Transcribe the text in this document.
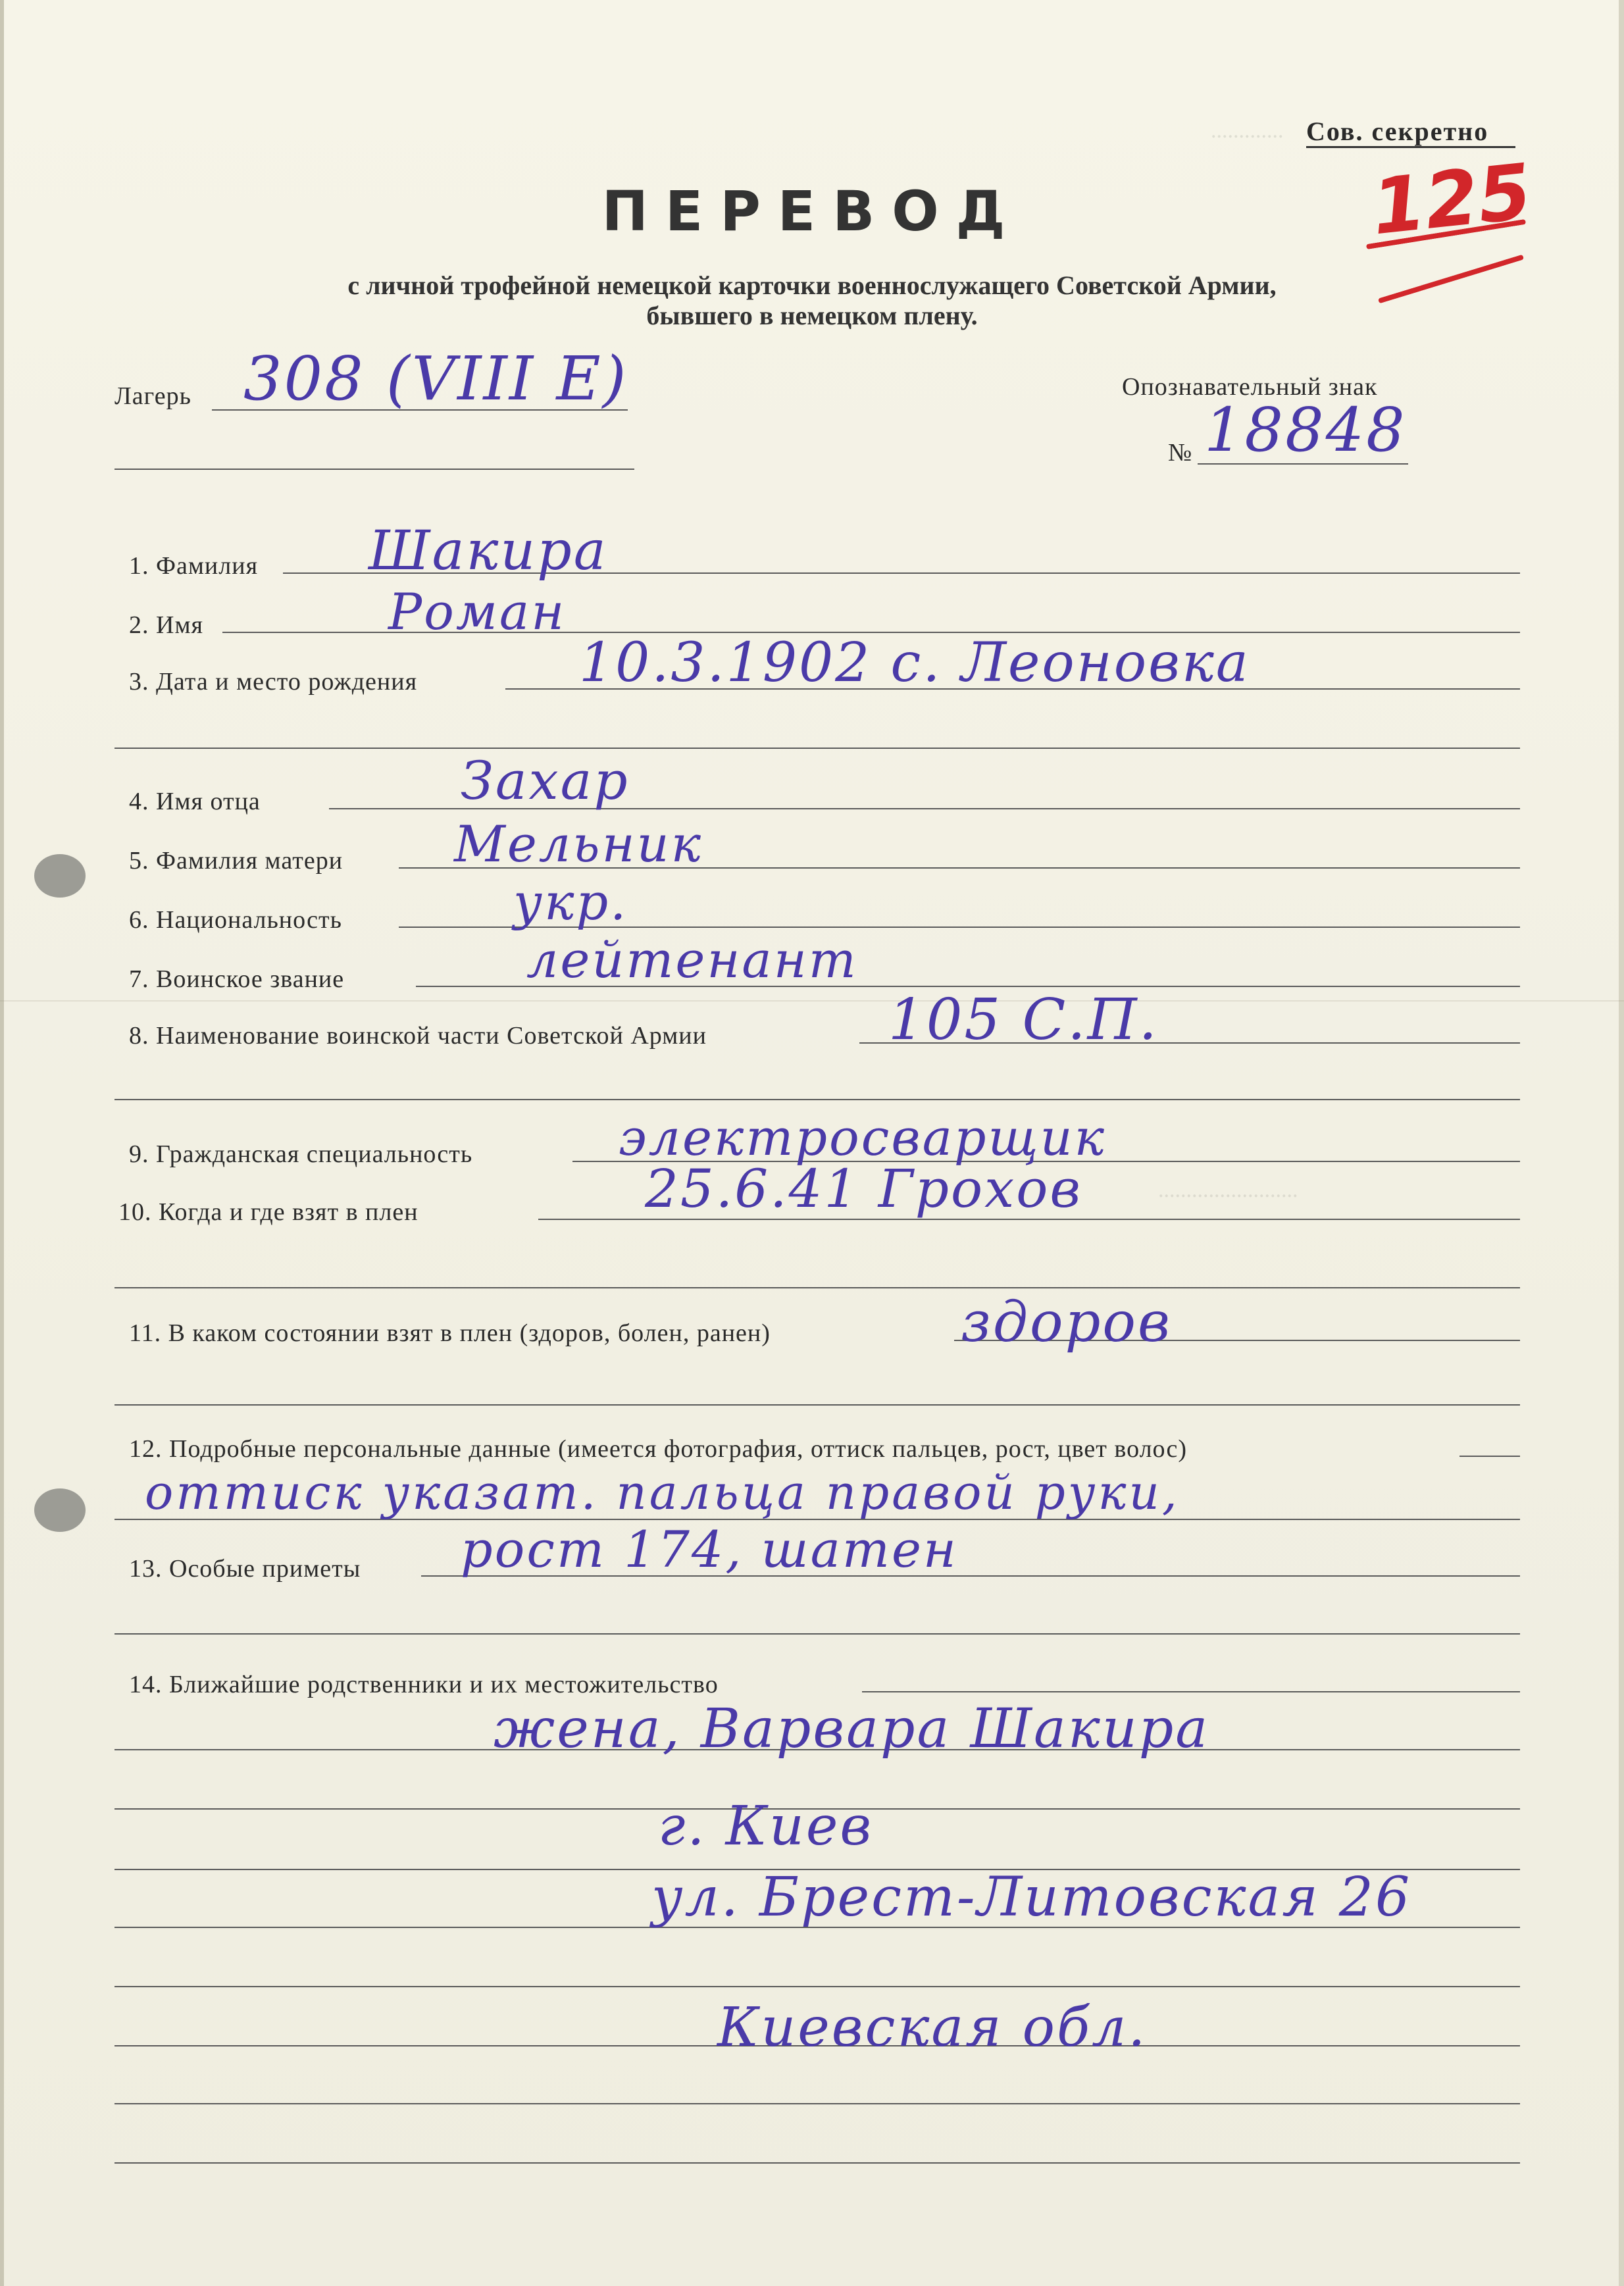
.............
.........................
Сов. секретно
125
ПЕРЕВОД
с личной трофейной немецкой карточки военнослужащего Советской Армии,
бывшего в немецком плену.
Лагерь 308 (VIII E)	Опознавательный знак
№ 18848
1. Фамилия Шакира
2. Имя	Роман
3. Дата и место рождения	10.3.1902 с. Леоновка
4. Имя отца	Захар
5. Фамилия матери Мельник
6. Национальность	укр.
7. Воинское звание	лейтенант
8. Наименование воинской части Советской Армии	105 С.П.
9. Гражданская специальность	электросварщик
10. Когда и где взят в плен	25.6.41 Грохов
11. В каком состоянии взят в плен (здоров, болен, ранен)	здоров
12. Подробные персональные данные (имеется фотография, оттиск пальцев, рост, цвет волос)
оттиск указат. пальца правой руки,
13. Особые приметы рост 174, шатен
14. Ближайшие родственники и их местожительство
жена, Варвара Шакира
г. Киев
ул. Брест-Литовская 26
Киевская обл.
